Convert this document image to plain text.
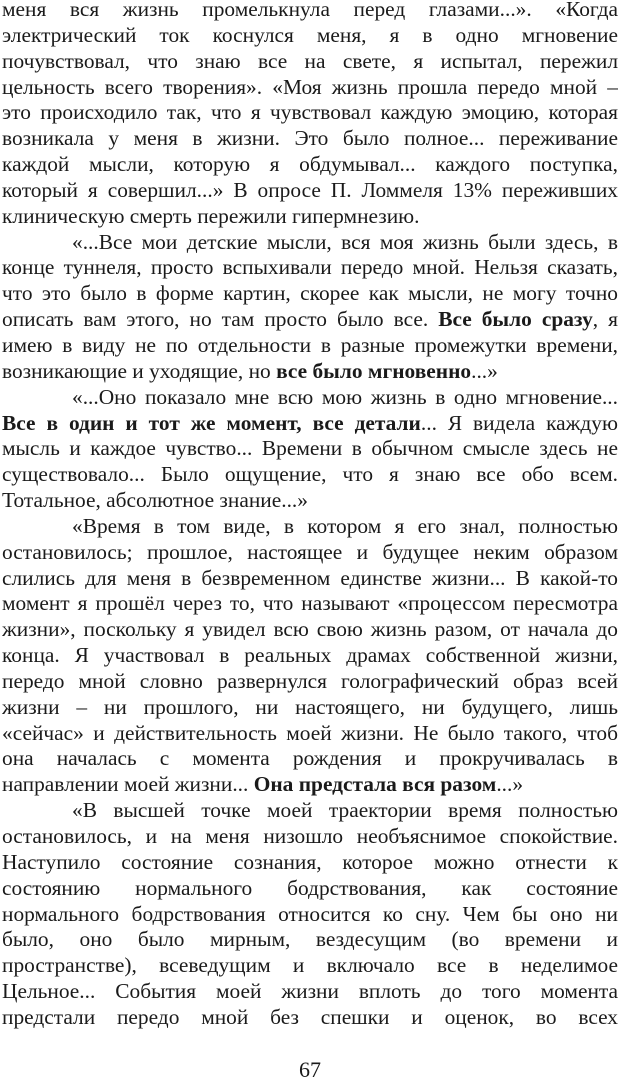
меня вся жизнь промелькнула перед глазами...». «Когда
электрический ток коснулся меня, я в одно мгновение
почувствовал, что знаю все на свете, я испытал, пережил
цельность всего творения». «Моя жизнь прошла передо мной –
это происходило так, что я чувствовал каждую эмоцию, которая
возникала у меня в жизни. Это было полное... переживание
каждой мысли, которую я обдумывал... каждого поступка,
который я совершил...» В опросе П. Ломмеля 13% переживших
клиническую смерть пережили гипермнезию.
«...Все мои детские мысли, вся моя жизнь были здесь, в
конце туннеля, просто вспыхивали передо мной. Нельзя сказать,
что это было в форме картин, скорее как мысли, не могу точно
описать вам этого, но там просто было все. Все было сразу, я
имею в виду не по отдельности в разные промежутки времени,
возникающие и уходящие, но все было мгновенно...»
«...Оно показало мне всю мою жизнь в одно мгновение...
Все в один и тот же момент, все детали... Я видела каждую
мысль и каждое чувство... Времени в обычном смысле здесь не
существовало... Было ощущение, что я знаю все обо всем.
Тотальное, абсолютное знание...»
«Время в том виде, в котором я его знал, полностью
остановилось; прошлое, настоящее и будущее неким образом
слились для меня в безвременном единстве жизни... В какой-то
момент я прошёл через то, что называют «процессом пересмотра
жизни», поскольку я увидел всю свою жизнь разом, от начала до
конца. Я участвовал в реальных драмах собственной жизни,
передо мной словно развернулся голографический образ всей
жизни – ни прошлого, ни настоящего, ни будущего, лишь
«сейчас» и действительность моей жизни. Не было такого, чтоб
она началась с момента рождения и прокручивалась в
направлении моей жизни... Она предстала вся разом...»
«В высшей точке моей траектории время полностью
остановилось, и на меня низошло необъяснимое спокойствие.
Наступило состояние сознания, которое можно отнести к
состоянию нормального бодрствования, как состояние
нормального бодрствования относится ко сну. Чем бы оно ни
было, оно было мирным, вездесущим (во времени и
пространстве), всеведущим и включало все в неделимое
Цельное... События моей жизни вплоть до того момента
предстали передо мной без спешки и оценок, во всех
67
